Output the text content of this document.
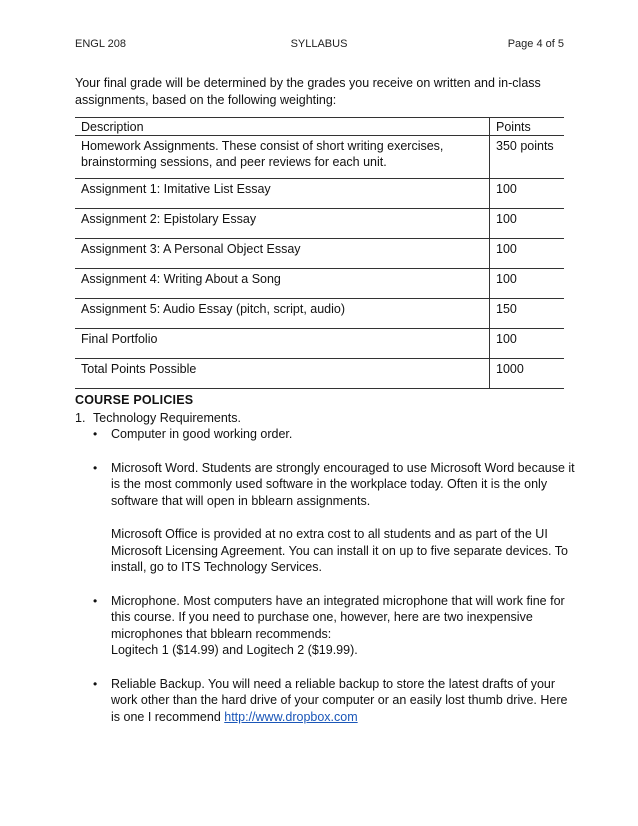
ENGL 208	SYLLABUS	Page 4 of 5
Your final grade will be determined by the grades you receive on written and in-class assignments, based on the following weighting:
Description	Points
Homework Assignments. These consist of short writing exercises, brainstorming sessions, and peer reviews for each unit.	350 points
Assignment 1: Imitative List Essay	100
Assignment 2: Epistolary Essay	100
Assignment 3: A Personal Object Essay	100
Assignment 4: Writing About a Song	100
Assignment 5: Audio Essay (pitch, script, audio)	150
Final Portfolio	100
Total Points Possible	1000
COURSE POLICIES
1. Technology Requirements.
• Computer in good working order.
• Microsoft Word. Students are strongly encouraged to use Microsoft Word because it is the most commonly used software in the workplace today. Often it is the only software that will open in bblearn assignments.
Microsoft Office is provided at no extra cost to all students and as part of the UI Microsoft Licensing Agreement. You can install it on up to five separate devices. To install, go to ITS Technology Services.
• Microphone. Most computers have an integrated microphone that will work fine for this course. If you need to purchase one, however, here are two inexpensive microphones that bblearn recommends:
Logitech 1 ($14.99) and Logitech 2 ($19.99).
• Reliable Backup. You will need a reliable backup to store the latest drafts of your work other than the hard drive of your computer or an easily lost thumb drive. Here is one I recommend http://www.dropbox.com
